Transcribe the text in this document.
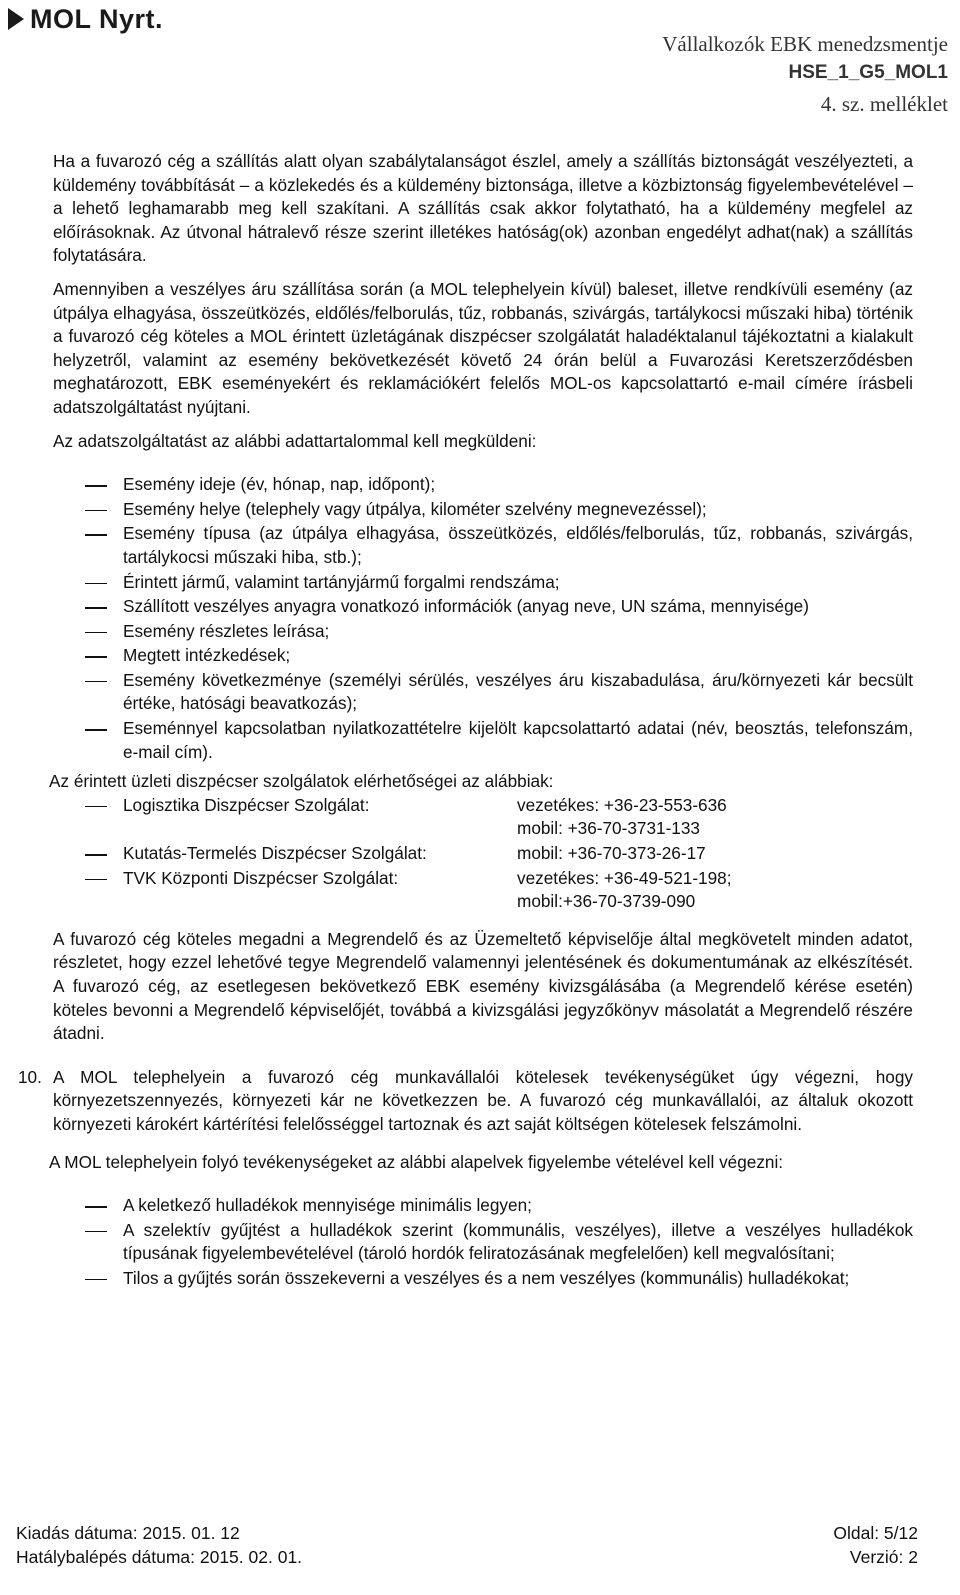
MOL Nyrt.
Vállalkozók EBK menedzsmentje
HSE_1_G5_MOL1
4. sz. melléklet

Ha a fuvarozó cég a szállítás alatt olyan szabálytalanságot észlel, amely a szállítás biztonságát veszélyezteti, a küldemény továbbítását – a közlekedés és a küldemény biztonsága, illetve a közbiztonság figyelembevételével – a lehető leghamarabb meg kell szakítani. A szállítás csak akkor folytatható, ha a küldemény megfelel az előírásoknak. Az útvonal hátralevő része szerint illetékes hatóság(ok) azonban engedélyt adhat(nak) a szállítás folytatására.

Amennyiben a veszélyes áru szállítása során (a MOL telephelyein kívül) baleset, illetve rendkívüli esemény (az útpálya elhagyása, összeütközés, eldőlés/felborulás, tűz, robbanás, szivárgás, tartálykocsi műszaki hiba) történik a fuvarozó cég köteles a MOL érintett üzletágának diszpécser szolgálatát haladéktalanul tájékoztatni a kialakult helyzetről, valamint az esemény bekövetkezését követő 24 órán belül a Fuvarozási Keretszerződésben meghatározott, EBK eseményekért és reklamációkért felelős MOL-os kapcsolattartó e-mail címére írásbeli adatszolgáltatást nyújtani.

Az adatszolgáltatást az alábbi adattartalommal kell megküldeni:

Esemény ideje (év, hónap, nap, időpont);
Esemény helye (telephely vagy útpálya, kilométer szelvény megnevezéssel);
Esemény típusa (az útpálya elhagyása, összeütközés, eldőlés/felborulás, tűz, robbanás, szivárgás, tartálykocsi műszaki hiba, stb.);
Érintett jármű, valamint tartányjármű forgalmi rendszáma;
Szállított veszélyes anyagra vonatkozó információk (anyag neve, UN száma, mennyisége)
Esemény részletes leírása;
Megtett intézkedések;
Esemény következménye (személyi sérülés, veszélyes áru kiszabadulása, áru/környezeti kár becsült értéke, hatósági beavatkozás);
Eseménnyel kapcsolatban nyilatkozattételre kijelölt kapcsolattartó adatai (név, beosztás, telefonszám, e-mail cím).

Az érintett üzleti diszpécser szolgálatok elérhetőségei az alábbiak:

Logisztika Diszpécser Szolgálat:	vezetékes: +36-23-553-636
mobil: +36-70-3731-133
Kutatás-Termelés Diszpécser Szolgálat:	mobil: +36-70-373-26-17
TVK Központi Diszpécser Szolgálat:	vezetékes: +36-49-521-198;
mobil:+36-70-3739-090

A fuvarozó cég köteles megadni a Megrendelő és az Üzemeltető képviselője által megkövetelt minden adatot, részletet, hogy ezzel lehetővé tegye Megrendelő valamennyi jelentésének és dokumentumának az elkészítését. A fuvarozó cég, az esetlegesen bekövetkező EBK esemény kivizsgálásába (a Megrendelő kérése esetén) köteles bevonni a Megrendelő képviselőjét, továbbá a kivizsgálási jegyzőkönyv másolatát a Megrendelő részére átadni.

10. A MOL telephelyein a fuvarozó cég munkavállalói kötelesek tevékenységüket úgy végezni, hogy környezetszennyezés, környezeti kár ne következzen be. A fuvarozó cég munkavállalói, az általuk okozott környezeti károkért kártérítési felelősséggel tartoznak és azt saját költségen kötelesek felszámolni.

A MOL telephelyein folyó tevékenységeket az alábbi alapelvek figyelembe vételével kell végezni:

A keletkező hulladékok mennyisége minimális legyen;
A szelektív gyűjtést a hulladékok szerint (kommunális, veszélyes), illetve a veszélyes hulladékok típusának figyelembevételével (tároló hordók feliratozásának megfelelően) kell megvalósítani;
Tilos a gyűjtés során összekeverni a veszélyes és a nem veszélyes (kommunális) hulladékokat;
Kiadás dátuma: 2015. 01. 12	Oldal: 5/12
Hatálybalépés dátuma: 2015. 02. 01.	Verzió: 2
